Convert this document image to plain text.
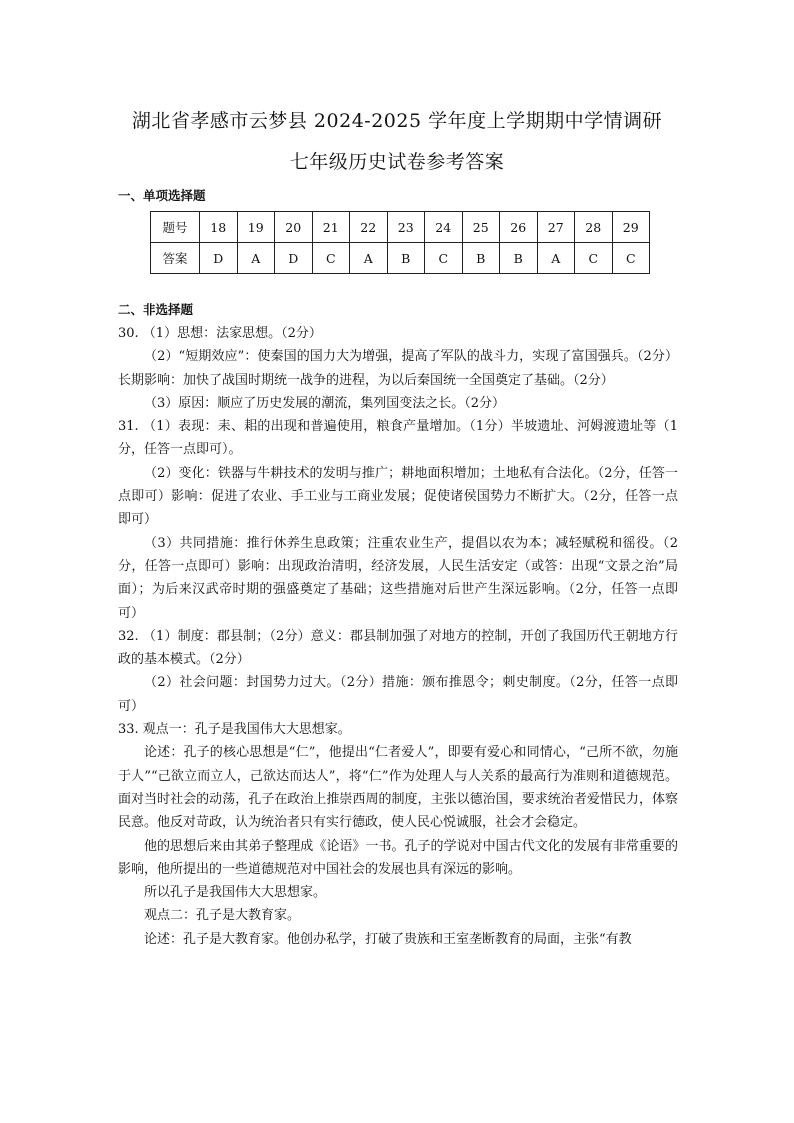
湖北省孝感市云梦县 2024-2025 学年度上学期期中学情调研
七年级历史试卷参考答案
一、单项选择题
题号	18	19	20	21	22	23	24	25	26	27	28	29
答案	D	A	D	C	A	B	C	B	B	A	C	C
二、非选择题

30. （1）思想：法家思想。（2分）

（2）“短期效应”：使秦国的国力大为增强，提高了军队的战斗力，实现了富国强兵。（2分）长期影响：加快了战国时期统一战争的进程，为以后秦国统一全国奠定了基础。（2分）

（3）原因：顺应了历史发展的潮流，集列国变法之长。（2分）

31. （1）表现：耒、耜的出现和普遍使用，粮食产量增加。（1分）半坡遗址、河姆渡遗址等（1分，任答一点即可）。

（2）变化：铁器与牛耕技术的发明与推广；耕地面积增加；土地私有合法化。（2分，任答一点即可）影响：促进了农业、手工业与工商业发展；促使诸侯国势力不断扩大。（2分，任答一点即可）

（3）共同措施：推行休养生息政策；注重农业生产，提倡以农为本；减轻赋税和徭役。（2分，任答一点即可）影响：出现政治清明，经济发展，人民生活安定（或答：出现“文景之治”局面）；为后来汉武帝时期的强盛奠定了基础；这些措施对后世产生深远影响。（2分，任答一点即可）

32. （1）制度：郡县制；（2分）意义：郡县制加强了对地方的控制，开创了我国历代王朝地方行政的基本模式。（2分）

（2）社会问题：封国势力过大。（2分）措施：颁布推恩令；刺史制度。（2分，任答一点即可）

33. 观点一：孔子是我国伟大大思想家。

论述：孔子的核心思想是“仁”，他提出“仁者爱人”，即要有爱心和同情心，“己所不欲，勿施于人”“己欲立而立人，己欲达而达人”，将“仁”作为处理人与人关系的最高行为准则和道德规范。面对当时社会的动荡，孔子在政治上推崇西周的制度，主张以德治国，要求统治者爱惜民力，体察民意。他反对苛政，认为统治者只有实行德政，使人民心悦诚服，社会才会稳定。

他的思想后来由其弟子整理成《论语》一书。孔子的学说对中国古代文化的发展有非常重要的影响，他所提出的一些道德规范对中国社会的发展也具有深远的影响。

所以孔子是我国伟大大思想家。

观点二：孔子是大教育家。

论述：孔子是大教育家。他创办私学，打破了贵族和王室垄断教育的局面，主张“有教
